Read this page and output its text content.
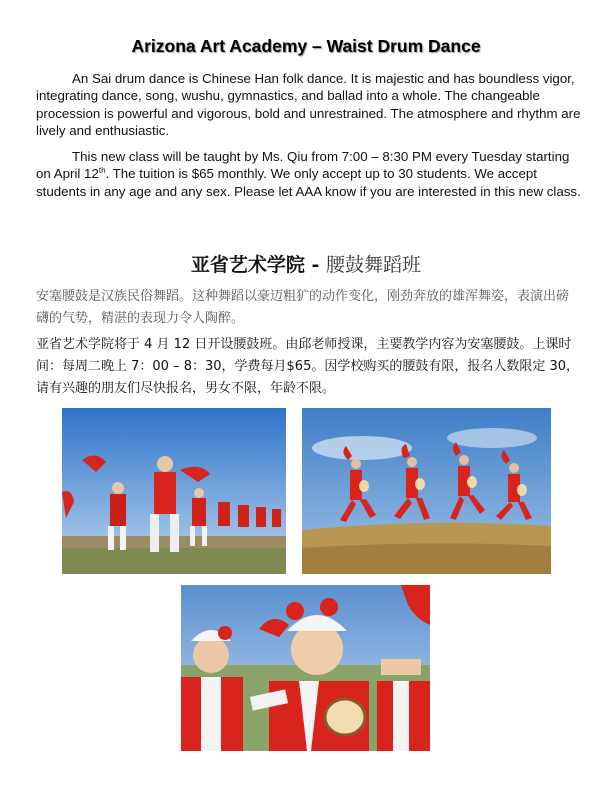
Arizona Art Academy – Waist Drum Dance
An Sai drum dance is Chinese Han folk dance. It is majestic and has boundless vigor, integrating dance, song, wushu, gymnastics, and ballad into a whole. The changeable procession is powerful and vigorous, bold and unrestrained. The atmosphere and rhythm are lively and enthusiastic.
This new class will be taught by Ms. Qiu from 7:00 – 8:30 PM every Tuesday starting on April 12th. The tuition is $65 monthly. We only accept up to 30 students. We accept students in any age and any sex. Please let AAA know if you are interested in this new class.
亚省艺术学院 - 腰鼓舞蹈班
安塞腰鼓是汉族民俗舞蹈。这种舞蹈以豪迈粗犷的动作变化，刚劲奔放的雄浑舞姿，表演出磅礴的气势，精湛的表现力令人陶醉。
亚省艺术学院将于 4 月 12 日开设腰鼓班。由邱老师授课，主要教学内容为安塞腰鼓。上课时间：每周二晚上 7：00 – 8：30，学费每月$65。因学校购买的腰鼓有限，报名人数限定 30，请有兴趣的朋友们尽快报名，男女不限，年龄不限。
